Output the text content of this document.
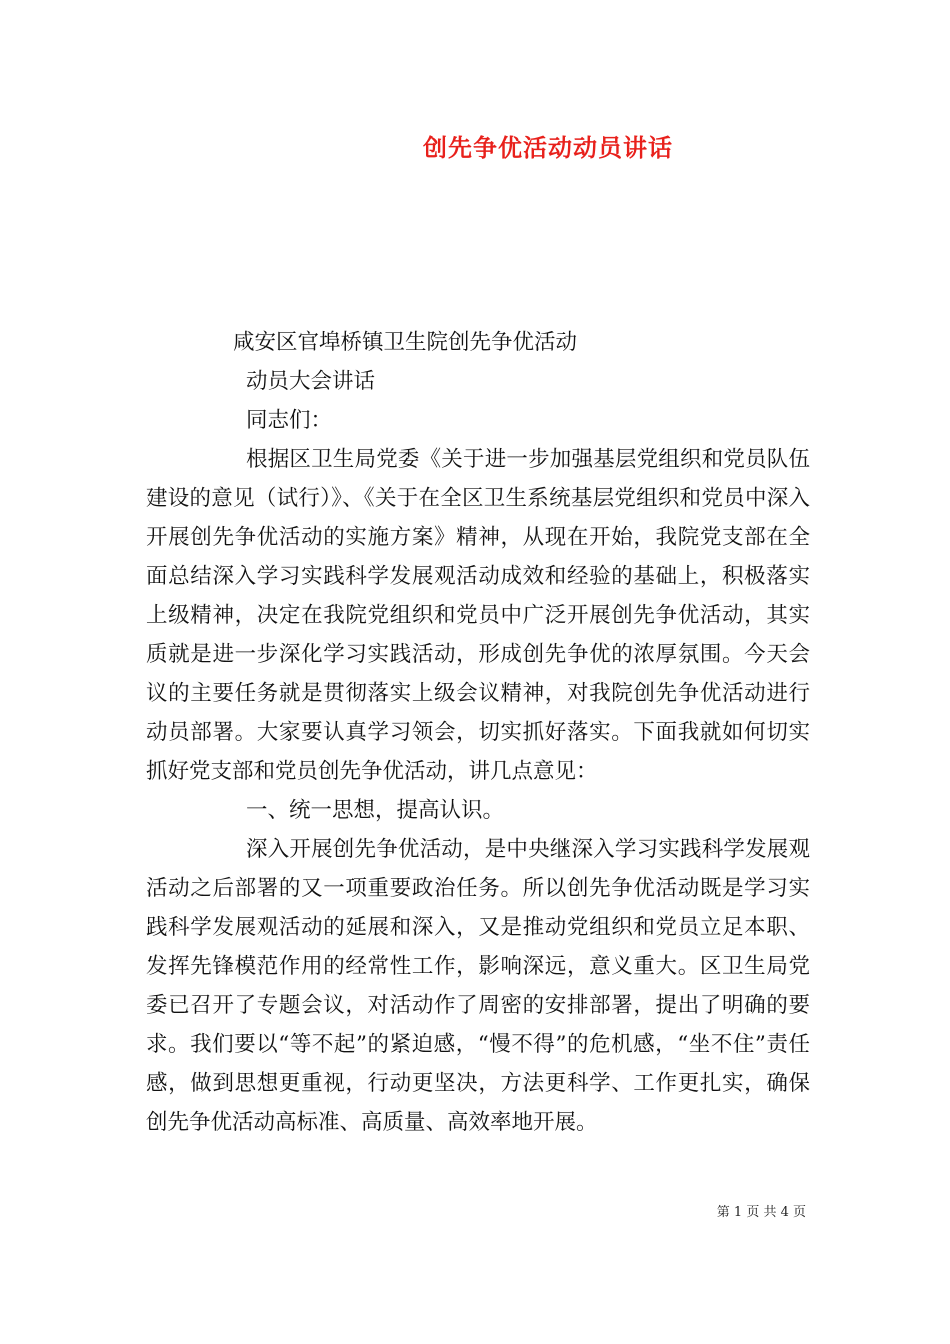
创先争优活动动员讲话

咸安区官埠桥镇卫生院创先争优活动

动员大会讲话

同志们：

根据区卫生局党委《关于进一步加强基层党组织和党员队伍建设的意见（试行）》、《关于在全区卫生系统基层党组织和党员中深入开展创先争优活动的实施方案》精神，从现在开始，我院党支部在全面总结深入学习实践科学发展观活动成效和经验的基础上，积极落实上级精神，决定在我院党组织和党员中广泛开展创先争优活动，其实质就是进一步深化学习实践活动，形成创先争优的浓厚氛围。今天会议的主要任务就是贯彻落实上级会议精神，对我院创先争优活动进行动员部署。大家要认真学习领会，切实抓好落实。下面我就如何切实抓好党支部和党员创先争优活动，讲几点意见：

一、统一思想，提高认识。

深入开展创先争优活动，是中央继深入学习实践科学发展观活动之后部署的又一项重要政治任务。所以创先争优活动既是学习实践科学发展观活动的延展和深入，又是推动党组织和党员立足本职、发挥先锋模范作用的经常性工作，影响深远，意义重大。区卫生局党委已召开了专题会议，对活动作了周密的安排部署，提出了明确的要求。我们要以“等不起”的紧迫感，“慢不得”的危机感，“坐不住”责任感，做到思想更重视，行动更坚决，方法更科学、工作更扎实，确保创先争优活动高标准、高质量、高效率地开展。

第 1 页 共 4 页
